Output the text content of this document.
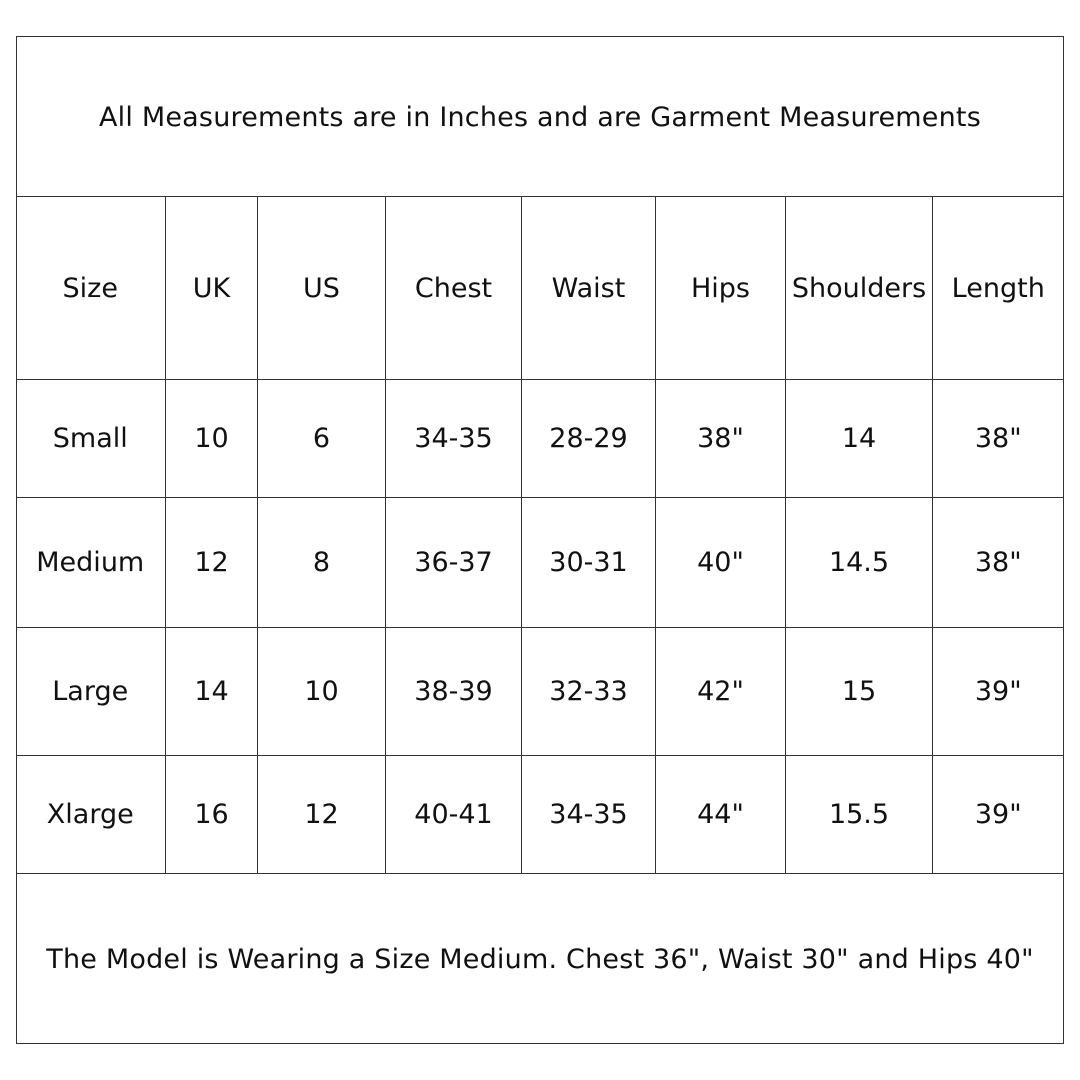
All Measurements are in Inches and are Garment Measurements
Size	UK	US	Chest	Waist	Hips	Shoulders	Length
Small	10	6	34-35	28-29	38"	14	38"
Medium	12	8	36-37	30-31	40"	14.5	38"
Large	14	10	38-39	32-33	42"	15	39"
Xlarge	16	12	40-41	34-35	44"	15.5	39"
The Model is Wearing a Size Medium. Chest 36", Waist 30" and Hips 40"
